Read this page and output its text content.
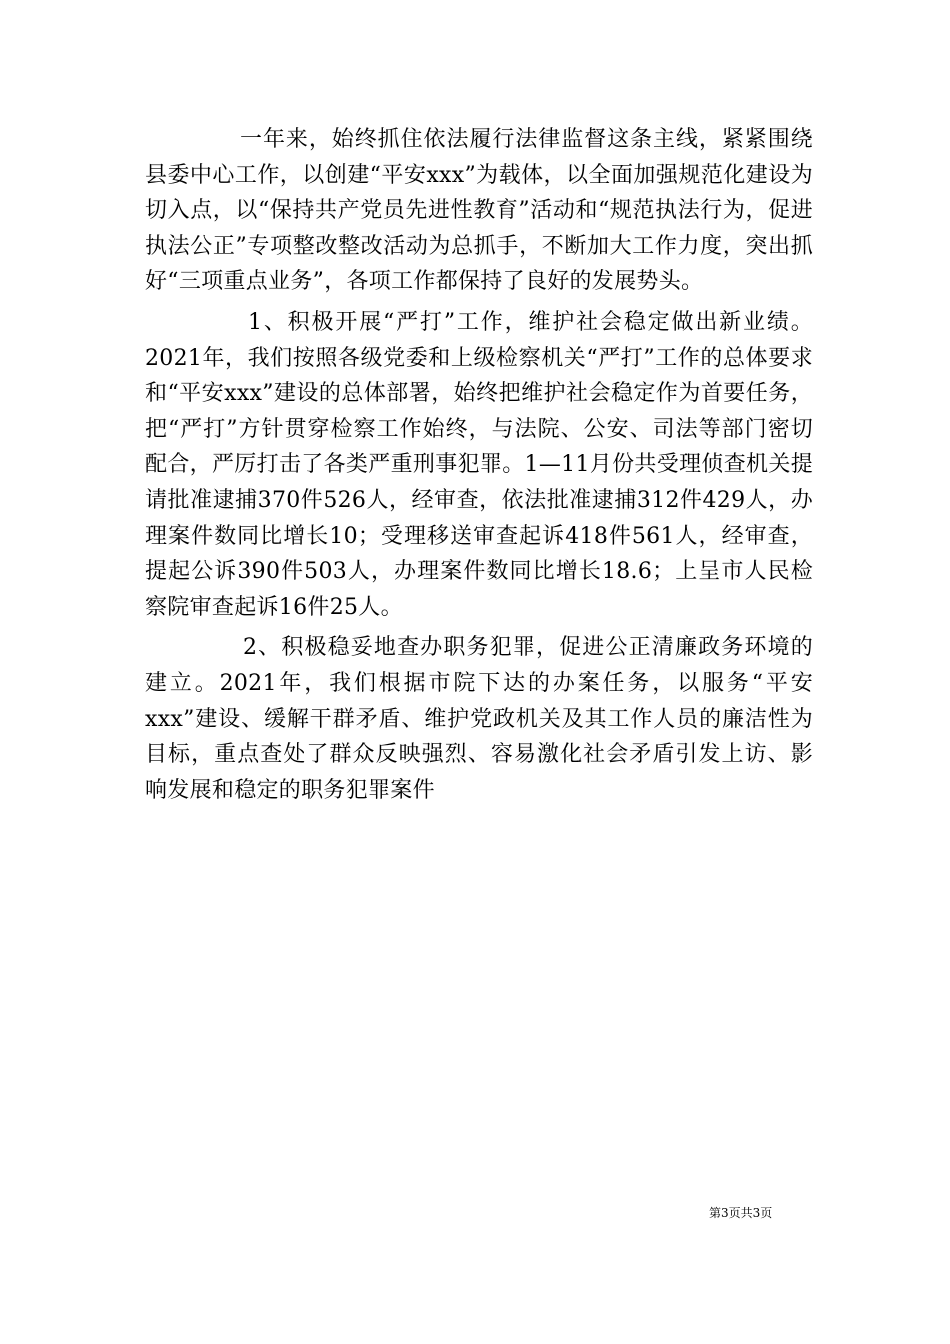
一年来，始终抓住依法履行法律监督这条主线，紧紧围绕县委中心工作，以创建“平安xxx”为载体，以全面加强规范化建设为切入点，以“保持共产党员先进性教育”活动和“规范执法行为，促进执法公正”专项整改整改活动为总抓手，不断加大工作力度，突出抓好“三项重点业务”，各项工作都保持了良好的发展势头。

1、积极开展“严打”工作，维护社会稳定做出新业绩。2021年，我们按照各级党委和上级检察机关“严打”工作的总体要求和“平安xxx”建设的总体部署，始终把维护社会稳定作为首要任务，把“严打”方针贯穿检察工作始终，与法院、公安、司法等部门密切配合，严厉打击了各类严重刑事犯罪。1—11月份共受理侦查机关提请批准逮捕370件526人，经审查，依法批准逮捕312件429人，办理案件数同比增长10；受理移送审查起诉418件561人，经审查，提起公诉390件503人，办理案件数同比增长18.6；上呈市人民检察院审查起诉16件25人。

2、积极稳妥地查办职务犯罪，促进公正清廉政务环境的建立。2021年，我们根据市院下达的办案任务，以服务“平安xxx”建设、缓解干群矛盾、维护党政机关及其工作人员的廉洁性为目标，重点查处了群众反映强烈、容易激化社会矛盾引发上访、影响发展和稳定的职务犯罪案件

第3页共3页
